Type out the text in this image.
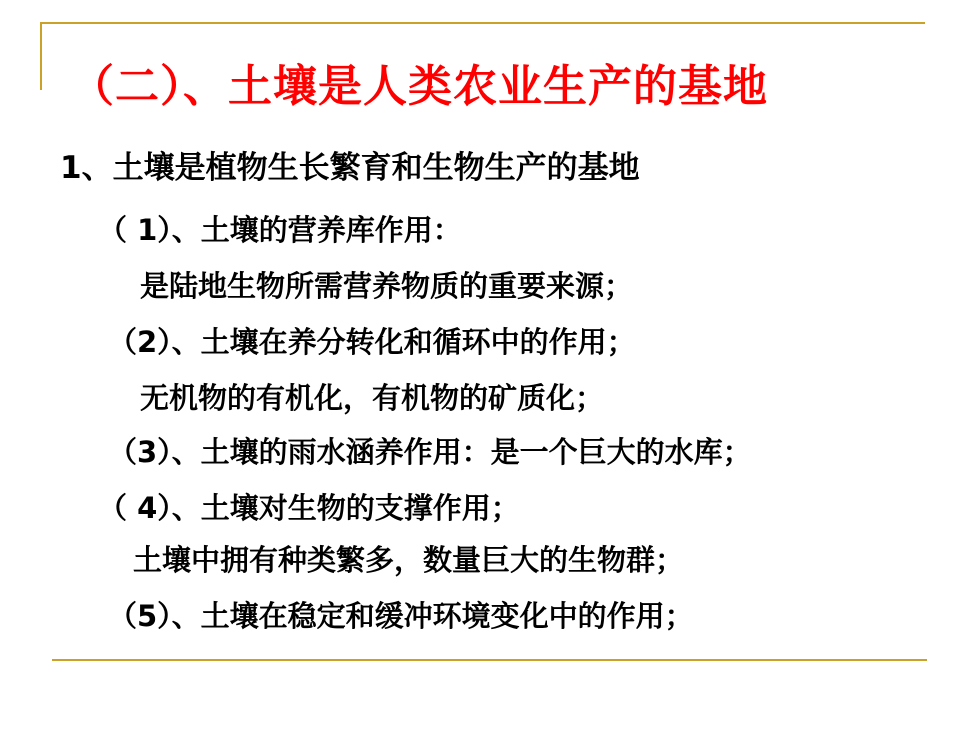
（二）、土壤是人类农业生产的基地
1、土壤是植物生长繁育和生物生产的基地
（ 1）、土壤的营养库作用：
是陆地生物所需营养物质的重要来源；
（2）、土壤在养分转化和循环中的作用；
无机物的有机化，有机物的矿质化；
（3）、土壤的雨水涵养作用：是一个巨大的水库；
（ 4）、土壤对生物的支撑作用；
土壤中拥有种类繁多，数量巨大的生物群；
（5）、土壤在稳定和缓冲环境变化中的作用；
